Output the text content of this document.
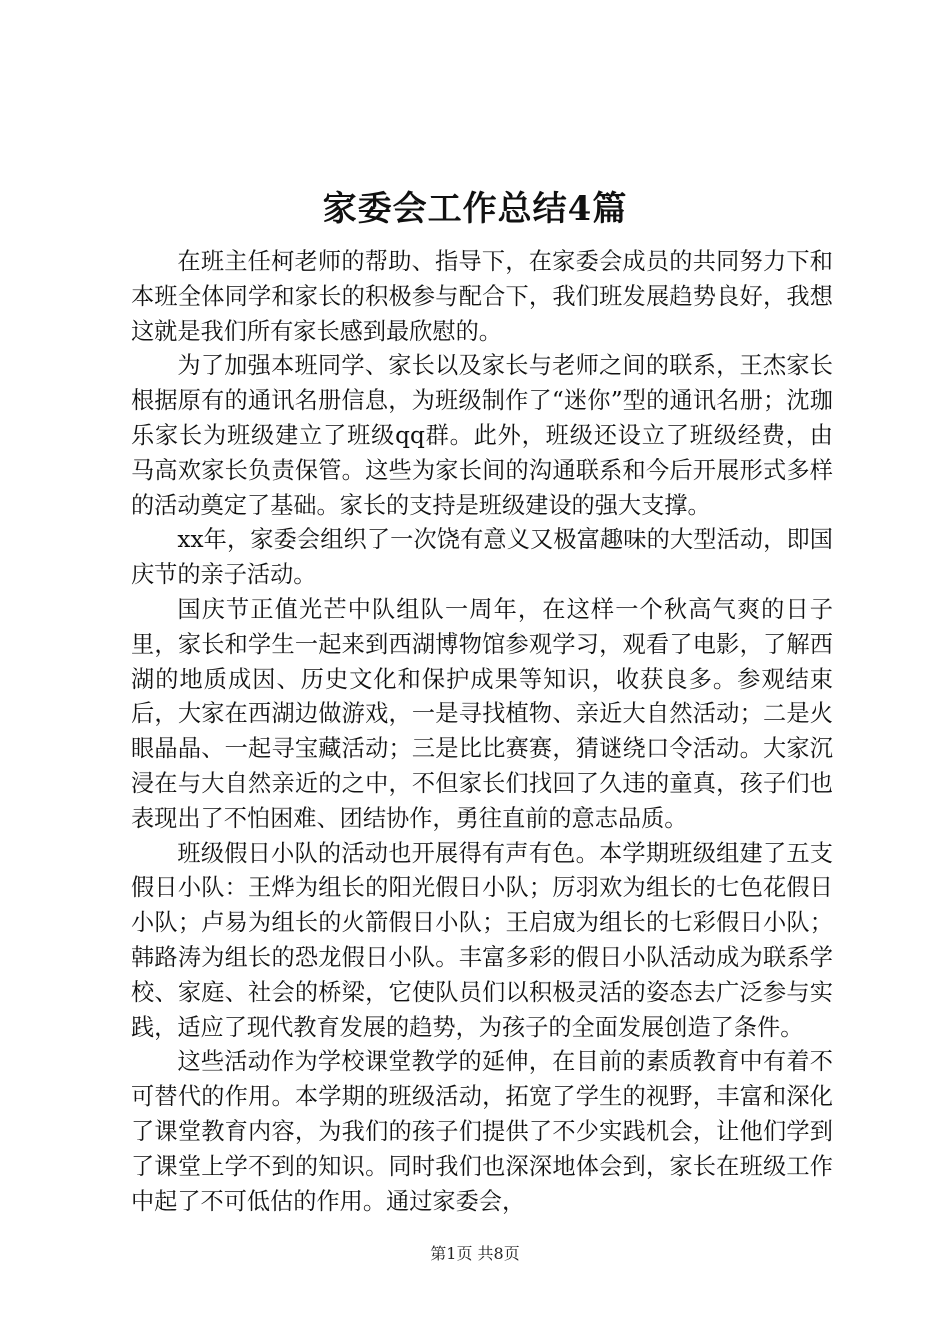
家委会工作总结4篇

在班主任柯老师的帮助、指导下，在家委会成员的共同努力下和本班全体同学和家长的积极参与配合下，我们班发展趋势良好，我想这就是我们所有家长感到最欣慰的。

为了加强本班同学、家长以及家长与老师之间的联系，王杰家长根据原有的通讯名册信息，为班级制作了“迷你”型的通讯名册；沈珈乐家长为班级建立了班级qq群。此外，班级还设立了班级经费，由马高欢家长负责保管。这些为家长间的沟通联系和今后开展形式多样的活动奠定了基础。家长的支持是班级建设的强大支撑。

xx年，家委会组织了一次饶有意义又极富趣味的大型活动，即国庆节的亲子活动。

国庆节正值光芒中队组队一周年，在这样一个秋高气爽的日子里，家长和学生一起来到西湖博物馆参观学习，观看了电影，了解西湖的地质成因、历史文化和保护成果等知识，收获良多。参观结束后，大家在西湖边做游戏，一是寻找植物、亲近大自然活动；二是火眼晶晶、一起寻宝藏活动；三是比比赛赛，猜谜绕口令活动。大家沉浸在与大自然亲近的之中，不但家长们找回了久违的童真，孩子们也表现出了不怕困难、团结协作，勇往直前的意志品质。

班级假日小队的活动也开展得有声有色。本学期班级组建了五支假日小队：王烨为组长的阳光假日小队；厉羽欢为组长的七色花假日小队；卢易为组长的火箭假日小队；王启宬为组长的七彩假日小队；韩路涛为组长的恐龙假日小队。丰富多彩的假日小队活动成为联系学校、家庭、社会的桥梁，它使队员们以积极灵活的姿态去广泛参与实践，适应了现代教育发展的趋势，为孩子的全面发展创造了条件。

这些活动作为学校课堂教学的延伸，在目前的素质教育中有着不可替代的作用。本学期的班级活动，拓宽了学生的视野，丰富和深化了课堂教育内容，为我们的孩子们提供了不少实践机会，让他们学到了课堂上学不到的知识。同时我们也深深地体会到，家长在班级工作中起了不可低估的作用。通过家委会，

第1页 共8页
